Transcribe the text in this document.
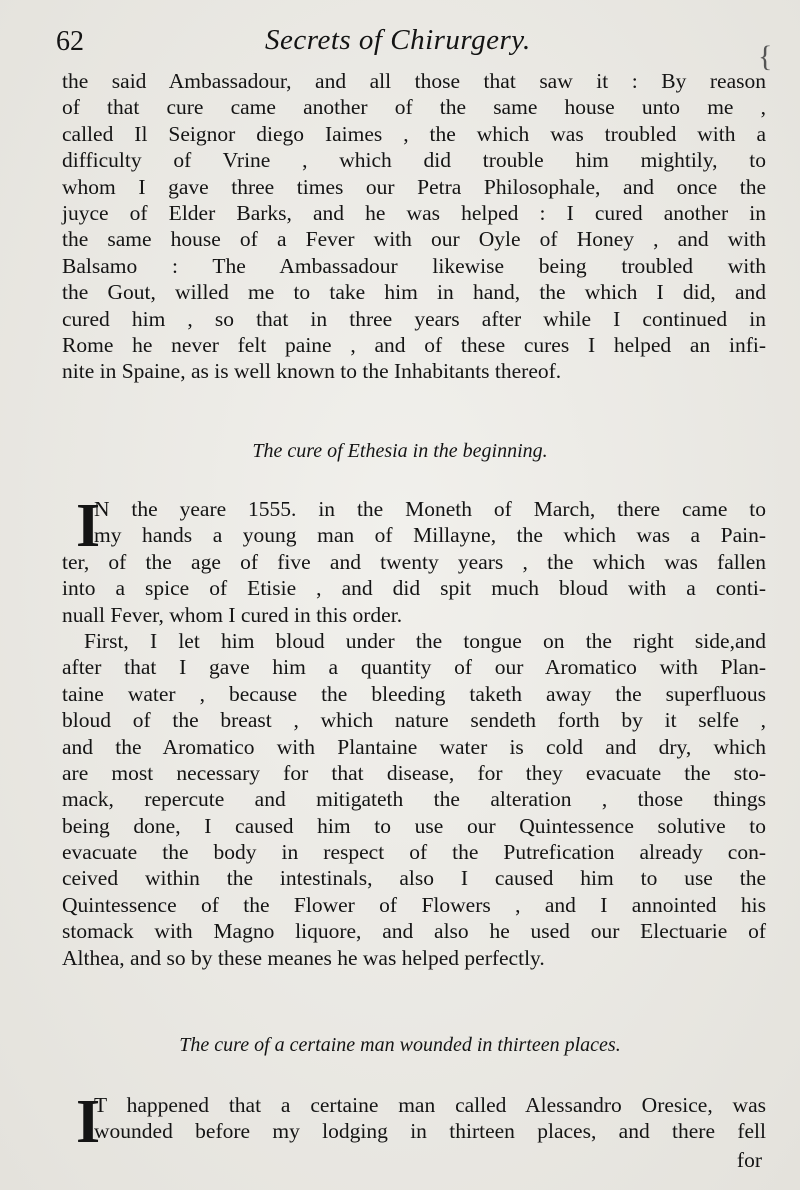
62	Secrets of Chirurgery.	{
the said Ambassadour, and all those that saw it : By reason
of that cure came another of the same house unto me ,
called Il Seignor diego Iaimes , the which was troubled with a
difficulty of Vrine , which did trouble him mightily, to
whom I gave three times our Petra Philosophale, and once the
juyce of Elder Barks, and he was helped : I cured another in
the same house of a Fever with our Oyle of Honey , and with
Balsamo : The Ambassadour likewise being troubled with
the Gout, willed me to take him in hand, the which I did, and
cured him , so that in three years after while I continued in
Rome he never felt paine , and of these cures I helped an infi-
nite in Spaine, as is well known to the Inhabitants thereof.
The cure of Ethesia in the beginning.
I
N the yeare 1555. in the Moneth of March, there came to
my hands a young man of Millayne, the which was a Pain-
ter, of the age of five and twenty years , the which was fallen
into a spice of Etisie , and did spit much bloud with a conti-
nuall Fever, whom I cured in this order.
First, I let him bloud under the tongue on the right side,and
after that I gave him a quantity of our Aromatico with Plan-
taine water , because the bleeding taketh away the superfluous
bloud of the breast , which nature sendeth forth by it selfe ,
and the Aromatico with Plantaine water is cold and dry, which
are most necessary for that disease, for they evacuate the sto-
mack, repercute and mitigateth the alteration , those things
being done, I caused him to use our Quintessence solutive to
evacuate the body in respect of the Putrefication already con-
ceived within the intestinals, also I caused him to use the
Quintessence of the Flower of Flowers , and I annointed his
stomack with Magno liquore, and also he used our Electuarie of
Althea, and so by these meanes he was helped perfectly.
The cure of a certaine man wounded in thirteen places.
I
T happened that a certaine man called Alessandro Oresice, was
wounded before my lodging in thirteen places, and there fell
for
